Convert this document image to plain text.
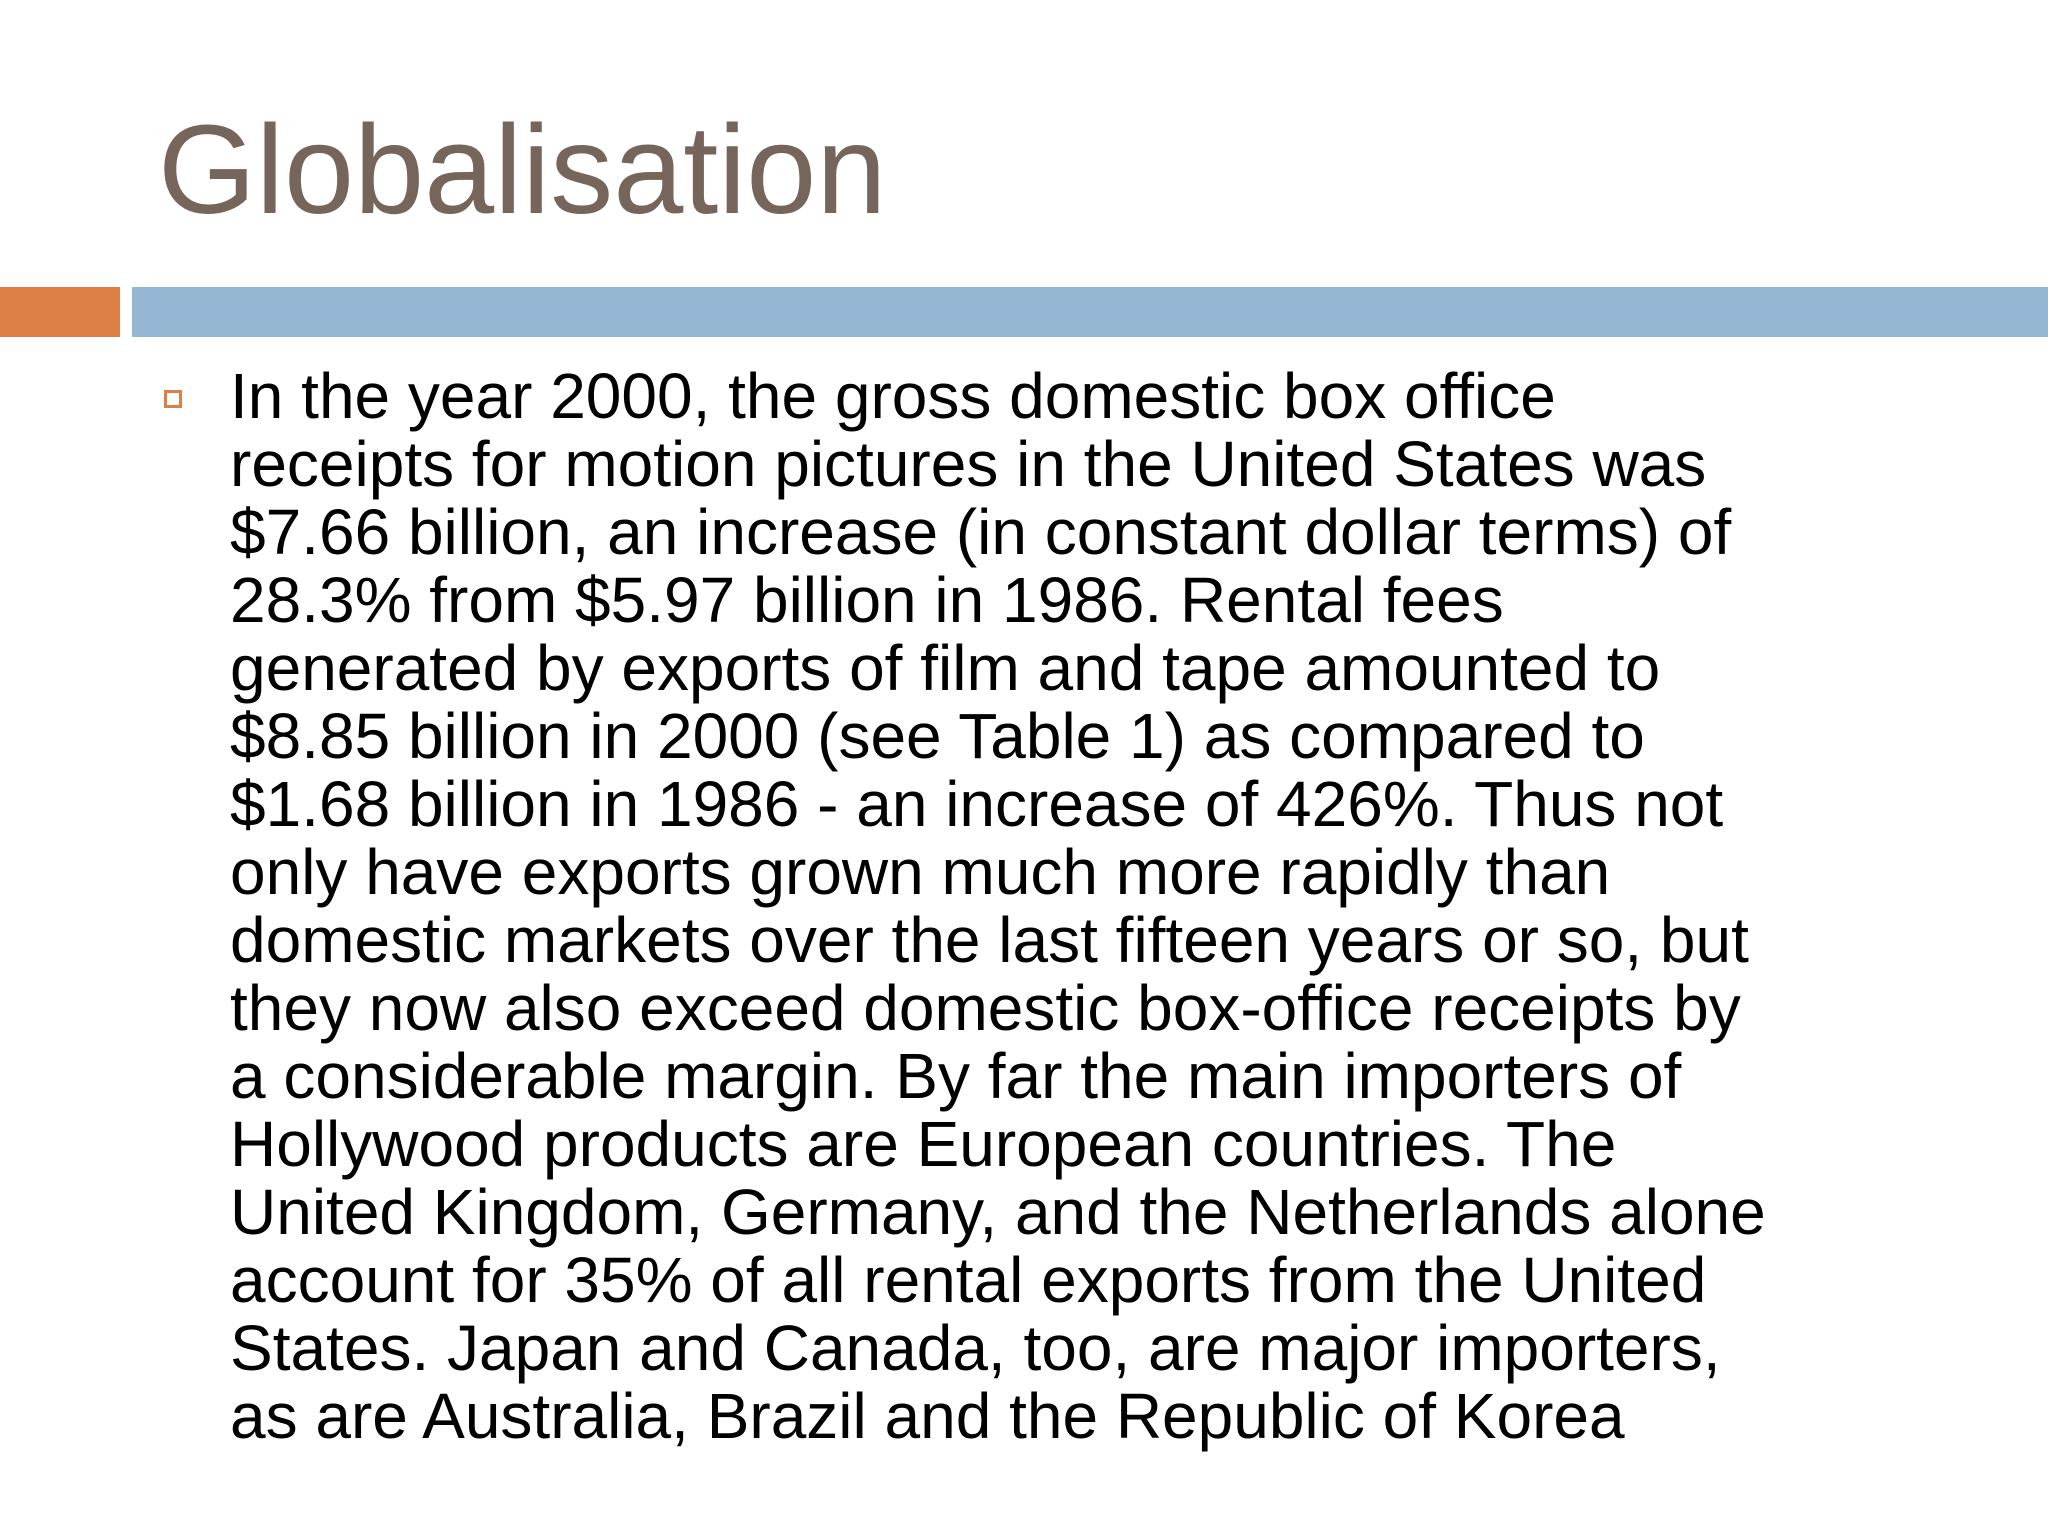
Globalisation
In the year 2000, the gross domestic box office
receipts for motion pictures in the United States was
$7.66 billion, an increase (in constant dollar terms) of
28.3% from $5.97 billion in 1986. Rental fees
generated by exports of film and tape amounted to
$8.85 billion in 2000 (see Table 1) as compared to
$1.68 billion in 1986 - an increase of 426%. Thus not
only have exports grown much more rapidly than
domestic markets over the last fifteen years or so, but
they now also exceed domestic box-office receipts by
a considerable margin. By far the main importers of
Hollywood products are European countries. The
United Kingdom, Germany, and the Netherlands alone
account for 35% of all rental exports from the United
States. Japan and Canada, too, are major importers,
as are Australia, Brazil and the Republic of Korea
